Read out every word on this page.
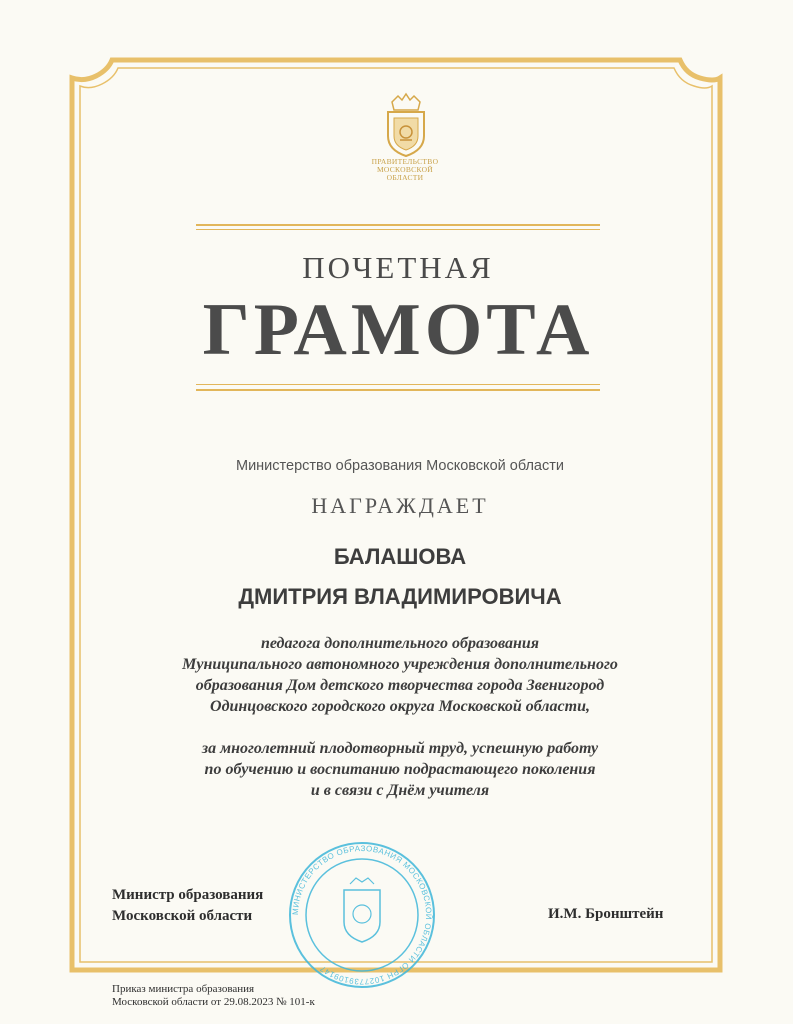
ПРАВИТЕЛЬСТВО
МОСКОВСКОЙ
ОБЛАСТИ
ПОЧЕТНАЯ
ГРАМОТА
Министерство образования Московской области
НАГРАЖДАЕТ
БАЛАШОВА
ДМИТРИЯ ВЛАДИМИРОВИЧА
педагога дополнительного образования
Муниципального автономного учреждения дополнительного
образования Дом детского творчества города Звенигород
Одинцовского городского округа Московской области,
за многолетний плодотворный труд, успешную работу
по обучению и воспитанию подрастающего поколения
и в связи с Днём учителя
МИНИСТЕРСТВО ОБРАЗОВАНИЯ МОСКОВСКОЙ ОБЛАСТИ ОГРН 1027739109147
Министр образования
Московской области	И.М. Бронштейн
Приказ министра образования
Московской области от 29.08.2023 № 101-к
